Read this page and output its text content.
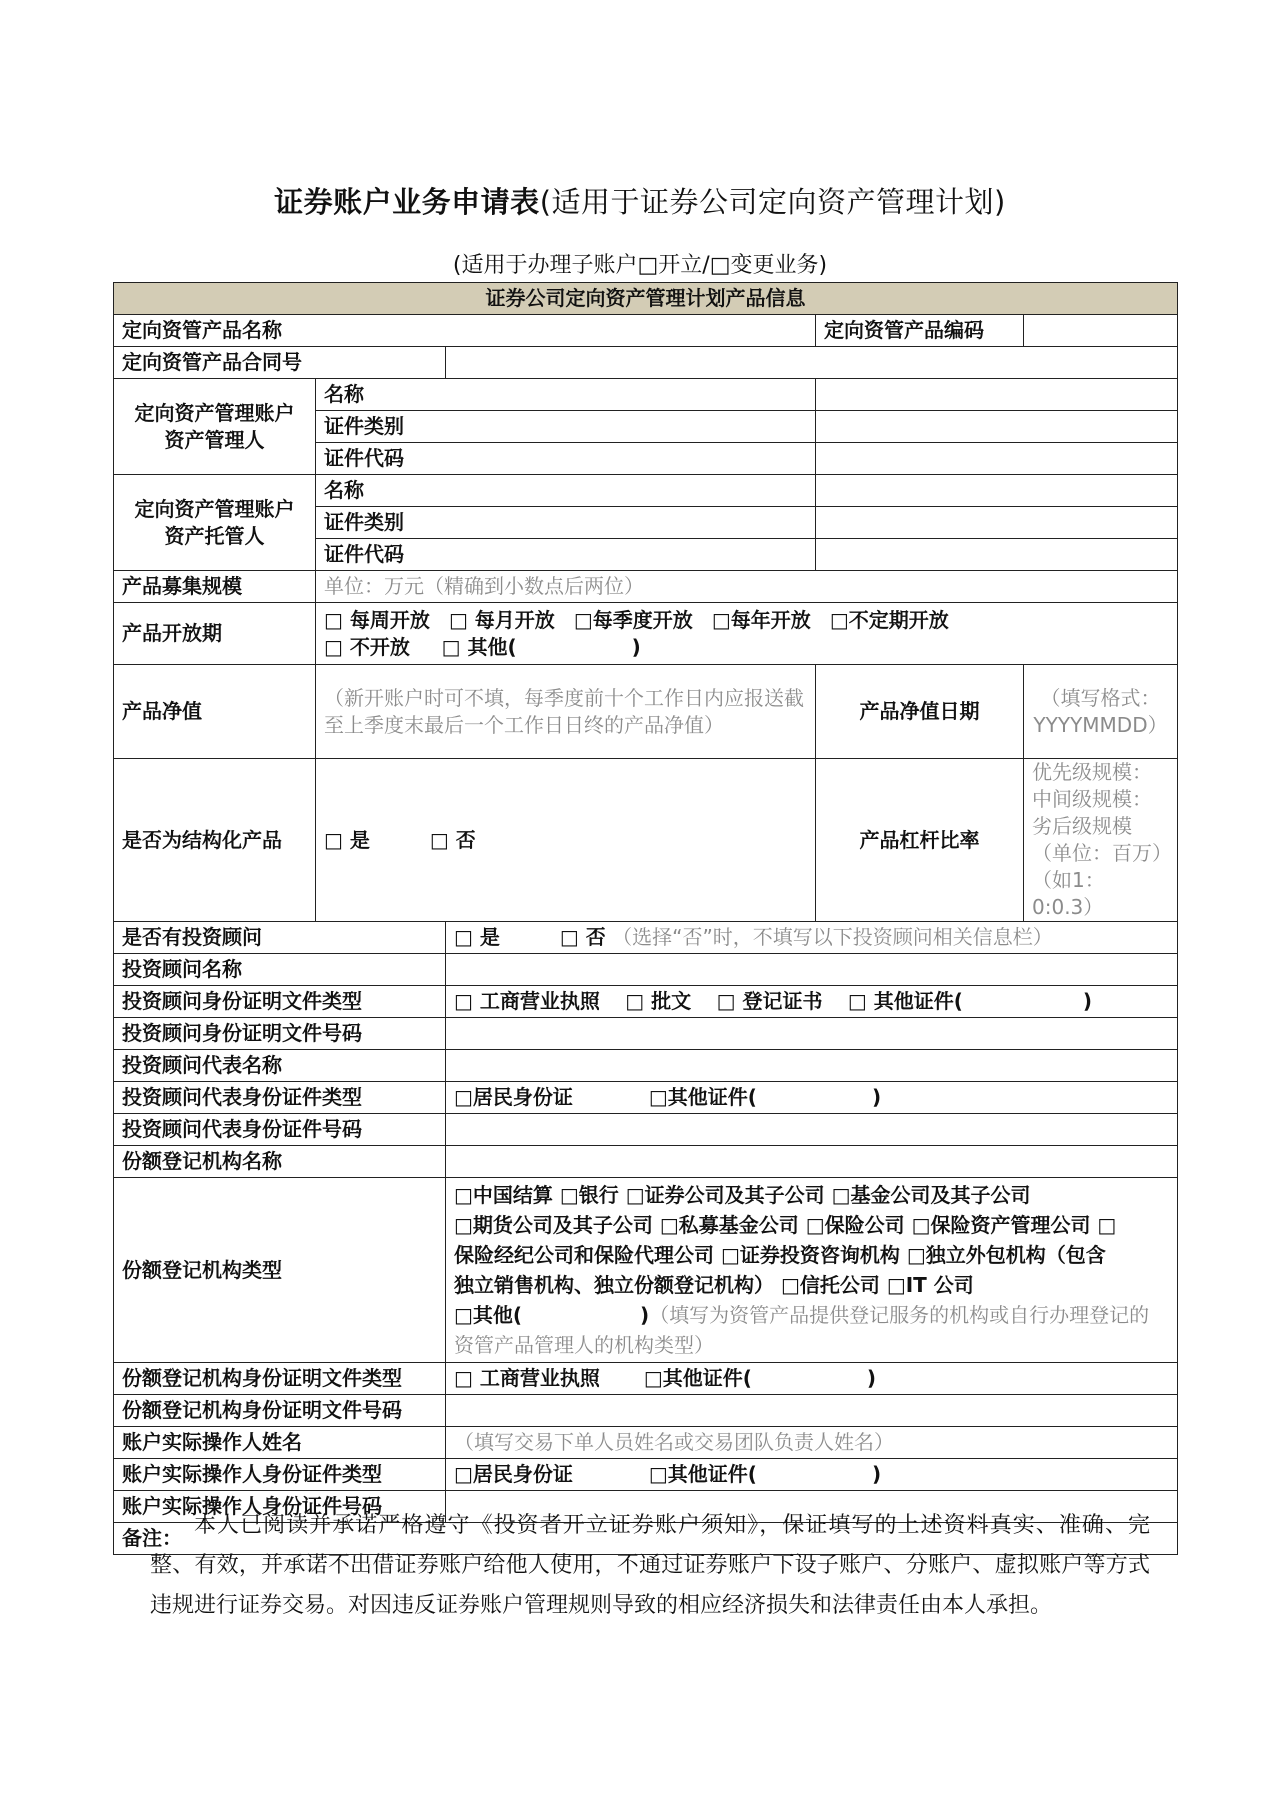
证券账户业务申请表(适用于证券公司定向资产管理计划)
(适用于办理子账户□开立/□变更业务)
证券公司定向资产管理计划产品信息				
定向资管产品名称			定向资管产品编码	
定向资管产品合同号				

定向资产管理账户
资产管理人	名称			
	证件类别			
	证件代码			

定向资产管理账户
资产托管人	名称			
	证件类别			
	证件代码			
产品募集规模	单位：万元（精确到小数点后两位）			
产品开放期	□ 每周开放 □ 每月开放 □每季度开放 □每年开放 □不定期开放
□ 不开放 □ 其他( )			

产品净值	（新开账户时可不填，每季度前十个工作日内应报送截至上季度末最后一个工作日日终的产品净值）		产品净值日期	（填写格式：
YYYYMMDD）

是否为结构化产品	□ 是 □ 否		产品杠杆比率	优先级规模：中间级规模：劣后级规模（单位：百万）（如1： 0:0.3）
是否有投资顾问		□ 是 □ 否 （选择“否”时，不填写以下投资顾问相关信息栏）		
投资顾问名称				
投资顾问身份证明文件类型		□ 工商营业执照 □ 批文 □ 登记证书 □ 其他证件( )		
投资顾问身份证明文件号码				
投资顾问代表名称				
投资顾问代表身份证件类型		□居民身份证 □其他证件( )		
投资顾问代表身份证件号码				
份额登记机构名称				
份额登记机构类型		□中国结算 □银行 □证券公司及其子公司 □基金公司及其子公司
□期货公司及其子公司 □私募基金公司 □保险公司 □保险资产管理公司 □
保险经纪公司和保险代理公司 □证券投资咨询机构 □独立外包机构（包含
独立销售机构、独立份额登记机构） □信托公司 □IT 公司
□其他( )（填写为资管产品提供登记服务的机构或自行办理登记的资管产品管理人的机构类型）		

份额登记机构身份证明文件类型		□ 工商营业执照 □其他证件( )		
份额登记机构身份证明文件号码				
账户实际操作人姓名		（填写交易下单人员姓名或交易团队负责人姓名）		
账户实际操作人身份证件类型		□居民身份证 □其他证件( )		
账户实际操作人身份证件号码				
备注：				本人已阅读并承诺严格遵守《投资者开立证券账户须知》，保证填写的上述资料真实、准确、完整、有效，并承诺不出借证券账户给他人使用，不通过证券账户下设子账户、分账户、虚拟账户等方式违规进行证券交易。对因违反证券账户管理规则导致的相应经济损失和法律责任由本人承担。
